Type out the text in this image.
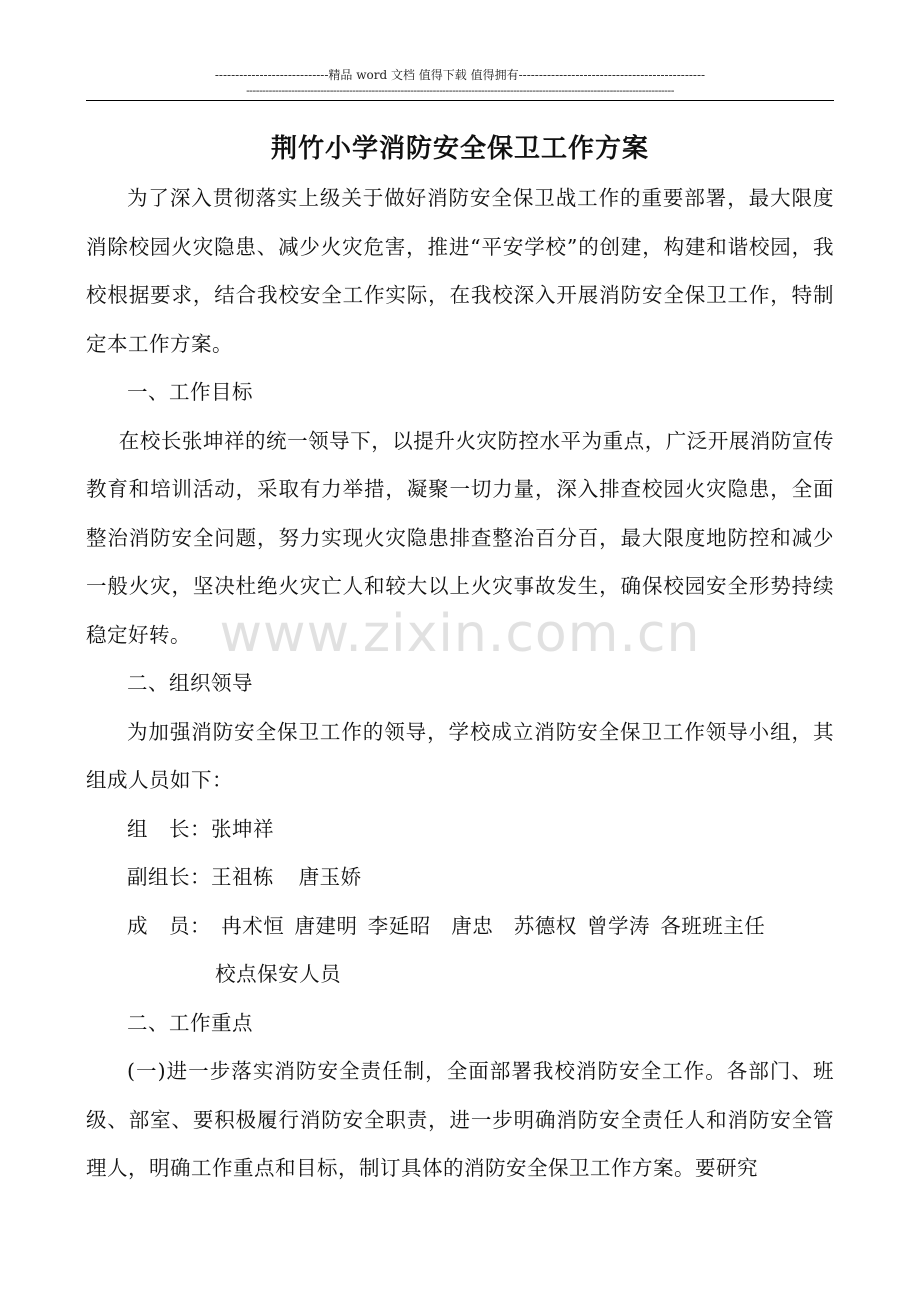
----------------------------精品 word 文档 值得下载 值得拥有----------------------------------------------
-------------------------------------------------------------------------------------------------------------------------------------
荆竹小学消防安全保卫工作方案
www.zixin.com.cn

为了深入贯彻落实上级关于做好消防安全保卫战工作的重要部署，最大限度消除校园火灾隐患、减少火灾危害，推进“平安学校”的创建，构建和谐校园，我校根据要求，结合我校安全工作实际，在我校深入开展消防安全保卫工作，特制定本工作方案。

一、工作目标

在校长张坤祥的统一领导下，以提升火灾防控水平为重点，广泛开展消防宣传教育和培训活动，采取有力举措，凝聚一切力量，深入排查校园火灾隐患，全面整治消防安全问题，努力实现火灾隐患排查整治百分百，最大限度地防控和减少一般火灾，坚决杜绝火灾亡人和较大以上火灾事故发生，确保校园安全形势持续稳定好转。

二、组织领导

为加强消防安全保卫工作的领导，学校成立消防安全保卫工作领导小组，其组成人员如下：

组　长：张坤祥

副组长：王祖栋 唐玉娇

成　员： 冉术恒 唐建明 李延昭 唐忠 苏德权 曾学涛 各班班主任

校点保安人员

二、工作重点

(一)进一步落实消防安全责任制，全面部署我校消防安全工作。各部门、班级、部室、要积极履行消防安全职责，进一步明确消防安全责任人和消防安全管理人，明确工作重点和目标，制订具体的消防安全保卫工作方案。要研究
